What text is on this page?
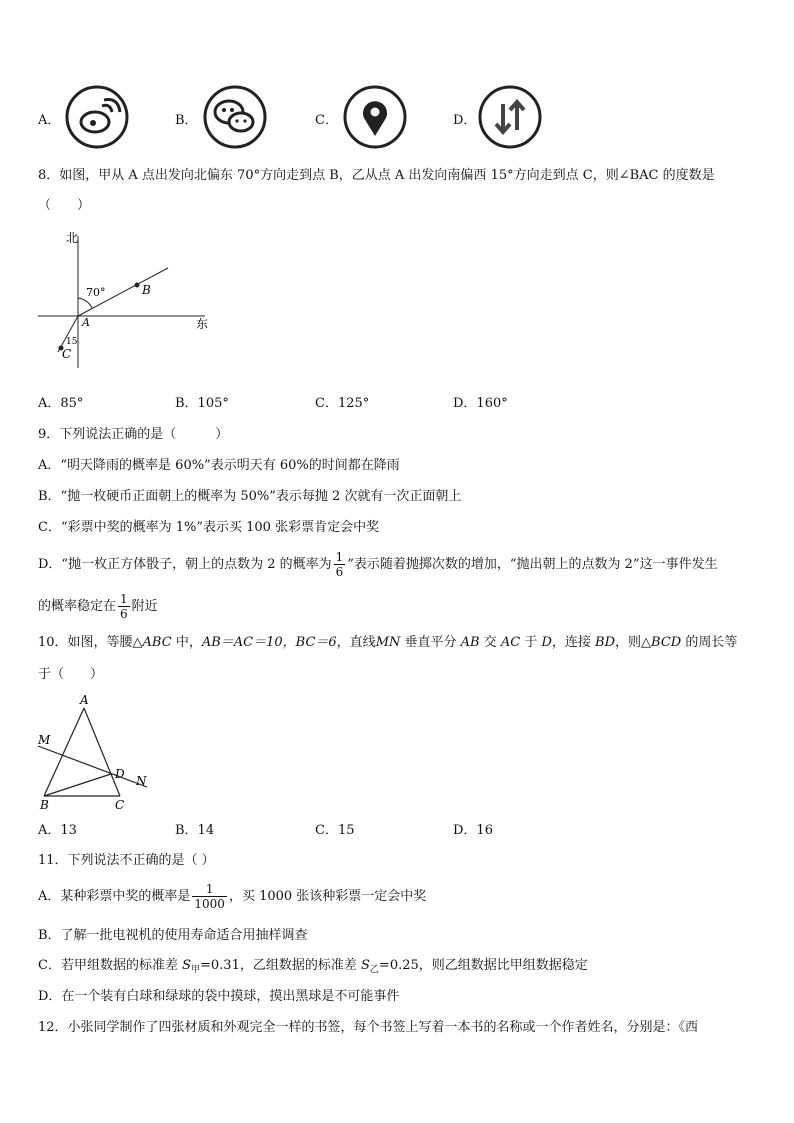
A．	B．	C．	D．
8．如图，甲从 A 点出发向北偏东 70°方向走到点 B，乙从点 A 出发向南偏西 15°方向走到点 C，则∠BAC 的度数是
（　　）
北
东
70°
15
A
B
C
A．85°	B．105°	C．125°	D．160°
9．下列说法正确的是（　　　）
A．“明天降雨的概率是 60%”表示明天有 60%的时间都在降雨
B．“抛一枚硬币正面朝上的概率为 50%”表示每抛 2 次就有一次正面朝上
C．“彩票中奖的概率为 1%”表示买 100 张彩票肯定会中奖
D．“抛一枚正方体骰子，朝上的点数为 2 的概率为 $\frac{1}{6}$ ”表示随着抛掷次数的增加，“抛出朝上的点数为 2”这一事件发生
的概率稳定在 $\frac{1}{6}$ 附近
10．如图，等腰△ABC 中，AB＝AC＝10，BC＝6，直线MN 垂直平分 AB 交 AC 于 D，连接 BD，则△BCD 的周长等
于（　　）
A
B	C
D
M
N
A．13	B．14	C．15	D．16
11．下列说法不正确的是（ ）
A．某种彩票中奖的概率是 $\frac{1}{1000}$ ，买 1000 张该种彩票一定会中奖
B．了解一批电视机的使用寿命适合用抽样调查
C．若甲组数据的标准差 $S_甲=0.31$，乙组数据的标准差 $S_乙=0.25$，则乙组数据比甲组数据稳定
D．在一个装有白球和绿球的袋中摸球，摸出黑球是不可能事件
12．小张同学制作了四张材质和外观完全一样的书签，每个书签上写着一本书的名称或一个作者姓名，分别是：《西
